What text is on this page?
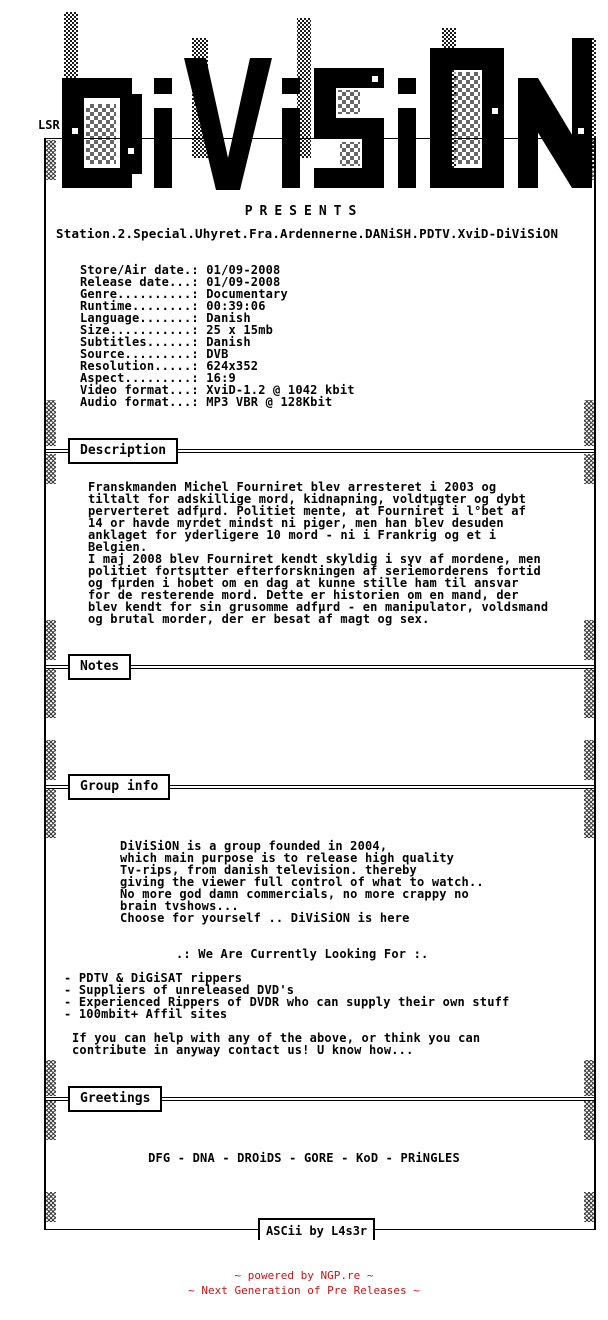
LSR
PRESENTS
Station.2.Special.Uhyret.Fra.Ardennerne.DANiSH.PDTV.XviD-DiViSiON
Store/Air date.: 01/09-2008
Release date...: 01/09-2008
Genre..........: Documentary
Runtime........: 00:39:06
Language.......: Danish
Size...........: 25 x 15mb
Subtitles......: Danish
Source.........: DVB
Resolution.....: 624x352
Aspect.........: 16:9
Video format...: XviD-1.2 @ 1042 kbit
Audio format...: MP3 VBR @ 128Kbit
Description
Franskmanden Michel Fourniret blev arresteret i 2003 og
tiltalt for adskillige mord, kidnapning, voldtµgter og dybt
perverteret adfµrd. Politiet mente, at Fourniret i l°bet af
14 or havde myrdet mindst ni piger, men han blev desuden
anklaget for yderligere 10 mord - ni i Frankrig og et i
Belgien.
I maj 2008 blev Fourniret kendt skyldig i syv af mordene, men
politiet fortsµtter efterforskningen af seriemorderens fortid
og fµrden i hobet om en dag at kunne stille ham til ansvar
for de resterende mord. Dette er historien om en mand, der
blev kendt for sin grusomme adfµrd - en manipulator, voldsmand
og brutal morder, der er besat af magt og sex.
Notes
Group info
DiViSiON is a group founded in 2004,
which main purpose is to release high quality
Tv-rips, from danish television. thereby
giving the viewer full control of what to watch..
No more god damn commercials, no more crappy no
brain tvshows...
Choose for yourself .. DiViSiON is here
.: We Are Currently Looking For :.
- PDTV & DiGiSAT rippers
- Suppliers of unreleased DVD's
- Experienced Rippers of DVDR who can supply their own stuff
- 100mbit+ Affil sites
If you can help with any of the above, or think you can
contribute in anyway contact us! U know how...
Greetings
DFG - DNA - DROiDS - GORE - KoD - PRiNGLES
ASCii by L4s3r
~ powered by NGP.re ~
~ Next Generation of Pre Releases ~
